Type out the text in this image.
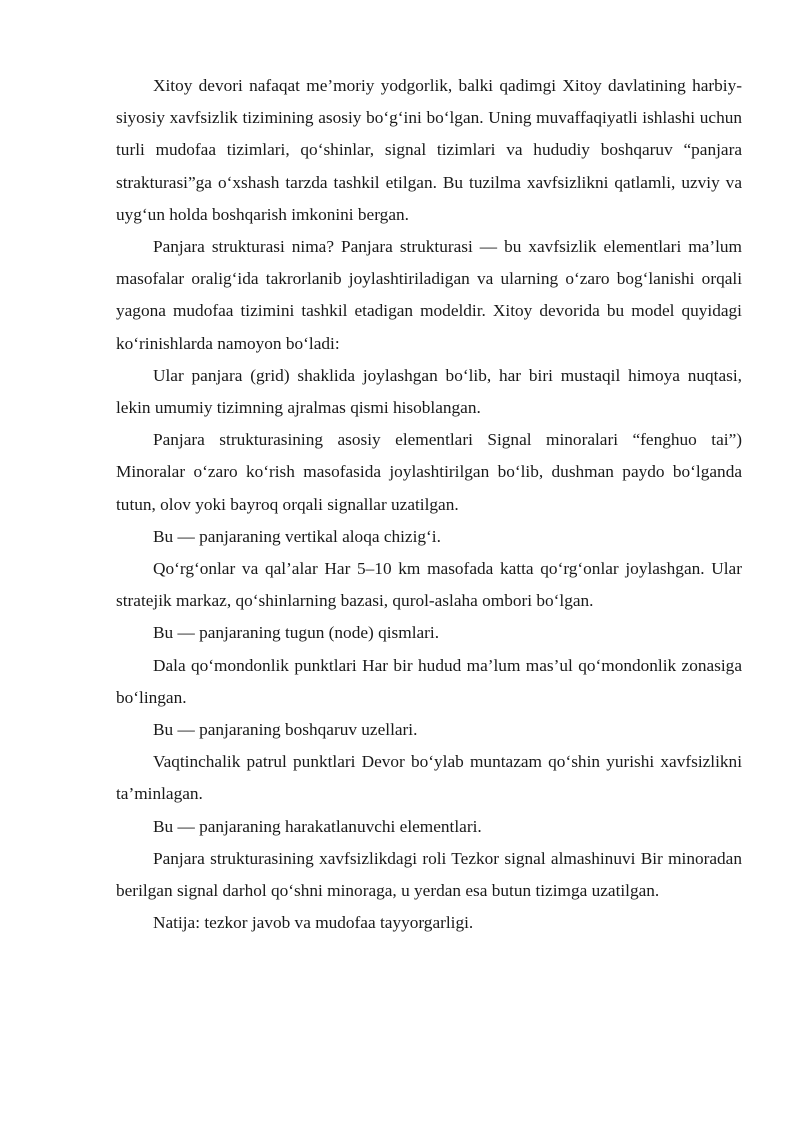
Xitoy devori nafaqat me’moriy yodgorlik, balki qadimgi Xitoy davlatining harbiy-siyosiy xavfsizlik tizimining asosiy bo‘g‘ini bo‘lgan. Uning muvaffaqiyatli ishlashi uchun turli mudofaa tizimlari, qo‘shinlar, signal tizimlari va hududiy boshqaruv “panjara strakturasi”ga o‘xshash tarzda tashkil etilgan. Bu tuzilma xavfsizlikni qatlamli, uzviy va uyg‘un holda boshqarish imkonini bergan.

Panjara strukturasi nima? Panjara strukturasi — bu xavfsizlik elementlari ma’lum masofalar oralig‘ida takrorlanib joylashtiriladigan va ularning o‘zaro bog‘lanishi orqali yagona mudofaa tizimini tashkil etadigan modeldir. Xitoy devorida bu model quyidagi ko‘rinishlarda namoyon bo‘ladi:

Ular panjara (grid) shaklida joylashgan bo‘lib, har biri mustaqil himoya nuqtasi, lekin umumiy tizimning ajralmas qismi hisoblangan.

Panjara strukturasining asosiy elementlari Signal minoralari “fenghuo tai”) Minoralar o‘zaro ko‘rish masofasida joylashtirilgan bo‘lib, dushman paydo bo‘lganda tutun, olov yoki bayroq orqali signallar uzatilgan.

Bu — panjaraning vertikal aloqa chizig‘i.

Qo‘rg‘onlar va qal’alar Har 5–10 km masofada katta qo‘rg‘onlar joylashgan. Ular stratejik markaz, qo‘shinlarning bazasi, qurol-aslaha ombori bo‘lgan.

Bu — panjaraning tugun (node) qismlari.

Dala qo‘mondonlik punktlari Har bir hudud ma’lum mas’ul qo‘mondonlik zonasiga bo‘lingan.

Bu — panjaraning boshqaruv uzellari.

Vaqtinchalik patrul punktlari Devor bo‘ylab muntazam qo‘shin yurishi xavfsizlikni ta’minlagan.

Bu — panjaraning harakatlanuvchi elementlari.

Panjara strukturasining xavfsizlikdagi roli Tezkor signal almashinuvi Bir minoradan berilgan signal darhol qo‘shni minoraga, u yerdan esa butun tizimga uzatilgan.

Natija: tezkor javob va mudofaa tayyorgarligi.
